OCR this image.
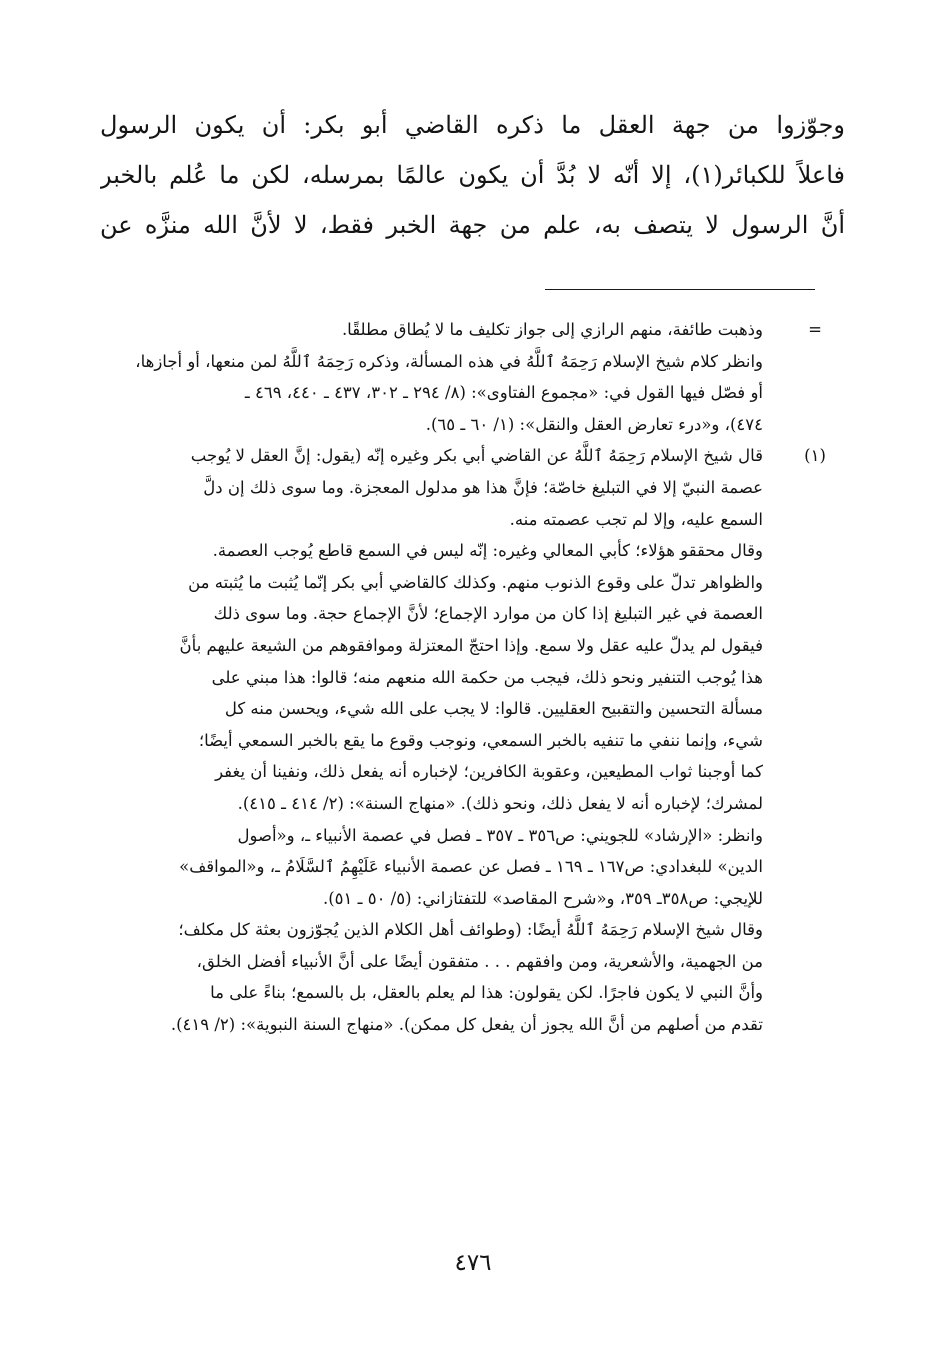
وجوّزوا من جهة العقل ما ذكره القاضي أبو بكر: أن يكون الرسول
فاعلاً للكبائر(١)، إلا أنّه لا بُدَّ أن يكون عالمًا بمرسله، لكن ما عُلم بالخبر
أنَّ الرسول لا يتصف به، علم من جهة الخبر فقط، لا لأنَّ الله منزَّه عن
=
وذهبت طائفة، منهم الرازي إلى جواز تكليف ما لا يُطاق مطلقًا.
وانظر كلام شيخ الإسلام رَحِمَهُ ٱللَّهُ في هذه المسألة، وذكره رَحِمَهُ ٱللَّهُ لمن منعها، أو أجازها،
أو فصّل فيها القول في: «مجموع الفتاوى»: (٨/ ٢٩٤ ـ ٣٠٢، ٤٣٧ ـ ٤٤٠، ٤٦٩ ـ
٤٧٤)، و«درء تعارض العقل والنقل»: (١/ ٦٠ ـ ٦٥).
(١)
قال شيخ الإسلام رَحِمَهُ ٱللَّهُ عن القاضي أبي بكر وغيره إنّه (يقول: إنَّ العقل لا يُوجب
عصمة النبيّ إلا في التبليغ خاصّة؛ فإنَّ هذا هو مدلول المعجزة. وما سوى ذلك إن دلَّ
السمع عليه، وإلا لم تجب عصمته منه.
وقال محققو هؤلاء؛ كأبي المعالي وغيره: إنّه ليس في السمع قاطع يُوجب العصمة.
والظواهر تدلّ على وقوع الذنوب منهم. وكذلك كالقاضي أبي بكر إنّما يُثبت ما يُثبته من
العصمة في غير التبليغ إذا كان من موارد الإجماع؛ لأنَّ الإجماع حجة. وما سوى ذلك
فيقول لم يدلّ عليه عقل ولا سمع. وإذا احتجّ المعتزلة وموافقوهم من الشيعة عليهم بأنَّ
هذا يُوجب التنفير ونحو ذلك، فيجب من حكمة الله منعهم منه؛ قالوا: هذا مبني على
مسألة التحسين والتقبيح العقليين. قالوا: لا يجب على الله شيء، ويحسن منه كل
شيء، وإنما ننفي ما تنفيه بالخبر السمعي، ونوجب وقوع ما يقع بالخبر السمعي أيضًا؛
كما أوجبنا ثواب المطيعين، وعقوبة الكافرين؛ لإخباره أنه يفعل ذلك، ونفينا أن يغفر
لمشرك؛ لإخباره أنه لا يفعل ذلك، ونحو ذلك). «منهاج السنة»: (٢/ ٤١٤ ـ ٤١٥).
وانظر: «الإرشاد» للجويني: ص٣٥٦ ـ ٣٥٧ ـ فصل في عصمة الأنبياء ـ، و«أصول
الدين» للبغدادي: ص١٦٧ ـ ١٦٩ ـ فصل عن عصمة الأنبياء عَلَيْهِمُ ٱلسَّلَامُ ـ، و«المواقف»
للإيجي: ص٣٥٨ـ ٣٥٩، و«شرح المقاصد» للتفتازاني: (٥/ ٥٠ ـ ٥١).
وقال شيخ الإسلام رَحِمَهُ ٱللَّهُ أيضًا: (وطوائف أهل الكلام الذين يُجوّزون بعثة كل مكلف؛
من الجهمية، والأشعرية، ومن وافقهم . . . متفقون أيضًا على أنَّ الأنبياء أفضل الخلق،
وأنَّ النبي لا يكون فاجرًا. لكن يقولون: هذا لم يعلم بالعقل، بل بالسمع؛ بناءً على ما
تقدم من أصلهم من أنَّ الله يجوز أن يفعل كل ممكن). «منهاج السنة النبوية»: (٢/ ٤١٩).
٤٧٦
